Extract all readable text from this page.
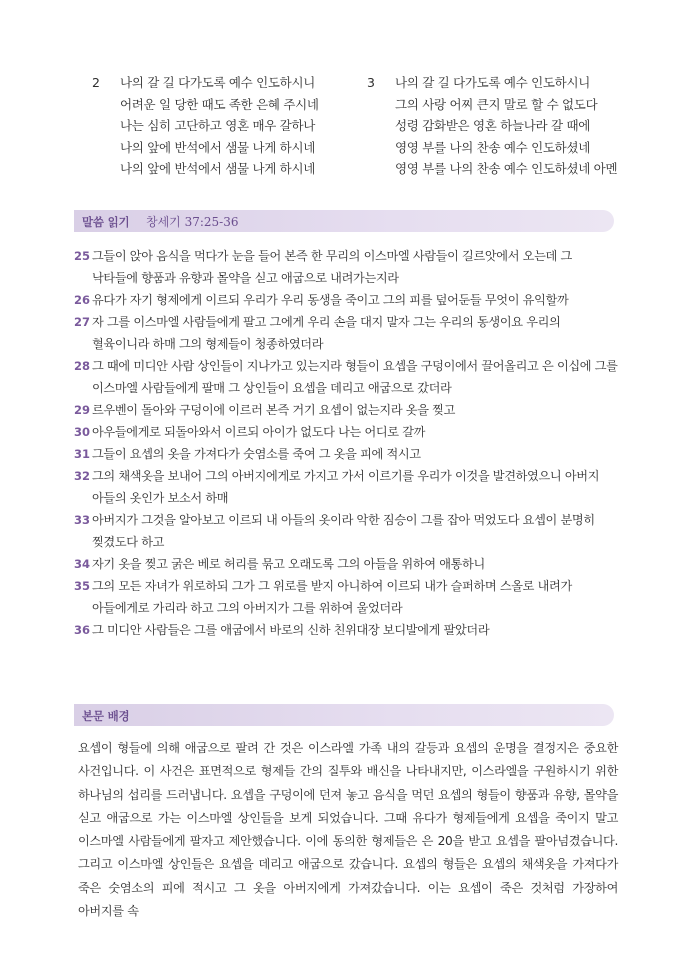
2 나의 갈 길 다가도록 예수 인도하시니
어려운 일 당한 때도 족한 은혜 주시네
나는 심히 고단하고 영혼 매우 갈하나
나의 앞에 반석에서 샘물 나게 하시네
나의 앞에 반석에서 샘물 나게 하시네
3 나의 갈 길 다가도록 예수 인도하시니
그의 사랑 어찌 큰지 말로 할 수 없도다
성령 감화받은 영혼 하늘나라 갈 때에
영영 부를 나의 찬송 예수 인도하셨네
영영 부를 나의 찬송 예수 인도하셨네 아멘
말씀 읽기 창세기 37:25-36
25 그들이 앉아 음식을 먹다가 눈을 들어 본즉 한 무리의 이스마엘 사람들이 길르앗에서 오는데 그 낙타들에 향품과 유향과 몰약을 싣고 애굽으로 내려가는지라
26 유다가 자기 형제에게 이르되 우리가 우리 동생을 죽이고 그의 피를 덮어둔들 무엇이 유익할까
27 자 그를 이스마엘 사람들에게 팔고 그에게 우리 손을 대지 말자 그는 우리의 동생이요 우리의 혈육이니라 하매 그의 형제들이 청종하였더라
28 그 때에 미디안 사람 상인들이 지나가고 있는지라 형들이 요셉을 구덩이에서 끌어올리고 은 이십에 그를 이스마엘 사람들에게 팔매 그 상인들이 요셉을 데리고 애굽으로 갔더라
29 르우벤이 돌아와 구덩이에 이르러 본즉 거기 요셉이 없는지라 옷을 찢고
30 아우들에게로 되돌아와서 이르되 아이가 없도다 나는 어디로 갈까
31 그들이 요셉의 옷을 가져다가 숫염소를 죽여 그 옷을 피에 적시고
32 그의 채색옷을 보내어 그의 아버지에게로 가지고 가서 이르기를 우리가 이것을 발견하였으니 아버지 아들의 옷인가 보소서 하매
33 아버지가 그것을 알아보고 이르되 내 아들의 옷이라 악한 짐승이 그를 잡아 먹었도다 요셉이 분명히 찢겼도다 하고
34 자기 옷을 찢고 굵은 베로 허리를 묶고 오래도록 그의 아들을 위하여 애통하니
35 그의 모든 자녀가 위로하되 그가 그 위로를 받지 아니하여 이르되 내가 슬퍼하며 스올로 내려가 아들에게로 가리라 하고 그의 아버지가 그를 위하여 울었더라
36 그 미디안 사람들은 그를 애굽에서 바로의 신하 친위대장 보디발에게 팔았더라
본문 배경

요셉이 형들에 의해 애굽으로 팔려 간 것은 이스라엘 가족 내의 갈등과 요셉의 운명을 결정지은 중요한 사건입니다. 이 사건은 표면적으로 형제들 간의 질투와 배신을 나타내지만, 이스라엘을 구원하시기 위한 하나님의 섭리를 드러냅니다. 요셉을 구덩이에 던져 놓고 음식을 먹던 요셉의 형들이 향품과 유향, 몰약을 싣고 애굽으로 가는 이스마엘 상인들을 보게 되었습니다. 그때 유다가 형제들에게 요셉을 죽이지 말고 이스마엘 사람들에게 팔자고 제안했습니다. 이에 동의한 형제들은 은 20을 받고 요셉을 팔아넘겼습니다. 그리고 이스마엘 상인들은 요셉을 데리고 애굽으로 갔습니다. 요셉의 형들은 요셉의 채색옷을 가져다가 죽은 숫염소의 피에 적시고 그 옷을 아버지에게 가져갔습니다. 이는 요셉이 죽은 것처럼 가장하여 아버지를 속
